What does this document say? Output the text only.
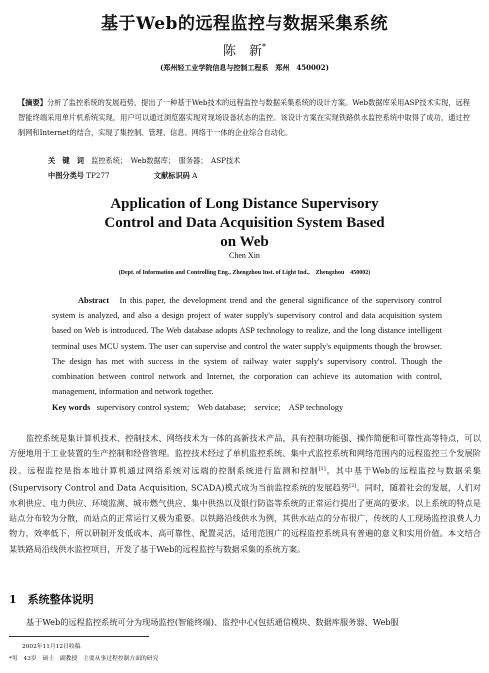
基于Web的远程监控与数据采集系统
陈　新*
(郑州轻工业学院信息与控制工程系　郑州　450002)
【摘要】分析了监控系统的发展趋势，提出了一种基于Web技术的远程监控与数据采集系统的设计方案。Web数据库采用ASP技术实现，远程智能终端采用单片机系统实现，用户可以通过浏览器实现对现场设备状态的监控。该设计方案在实现铁路供水监控系统中取得了成功，通过控制网和Internet的结合，实现了集控制、管理、信息、网络于一体的企业综合自动化。
关　键　词　 监控系统；　Web数据库；　服务器；　ASP技术
中图分类号 TP277	文献标识码 A
Application of Long Distance Supervisory Control and Data Acquisition System Based on Web
Chen Xin
(Dept. of Information and Controlling Eng., Zhengzhou Inst. of Light Ind.,　Zhengzhou　450002)
Abstract In this paper, the development trend and the general significance of the supervisory control system is analyzed, and also a design project of water supply's supervisory control and data acquisition system based on Web is introduced. The Web database adopts ASP technology to realize, and the long distance intelligent terminal uses MCU system. The user can supervise and control the water supply's equipments though the browser. The design has met with success in the system of railway water supply's supervisory control. Though the combination between control network and Internet, the corporation can achieve its automation with control, management, information and network together.
Key words supervisory control system;　Web database;　service;　ASP technology
监控系统是集计算机技术、控制技术、网络技术为一体的高新技术产品，具有控制功能强、操作简便和可靠性高等特点，可以方便地用于工业装置的生产控制和经营管理。监控技术经过了单机监控系统、集中式监控系统和网络范围内的远程监控三个发展阶段。远程监控是指本地计算机通过网络系统对远端的控制系统进行监测和控制[1]。其中基于Web的远程监控与数据采集(Supervisory Control and Data Acquisition, SCADA)模式成为当前监控系统的发展趋势[2]。同时，随着社会的发展，人们对水利供应、电力供应、环境监测、城市燃气供应、集中供热以及银行防盗等系统的正常运行提出了更高的要求。以上系统的特点是站点分布较为分散，而站点的正常运行又极为重要。以铁路沿线供水为例，其供水站点的分布很广，传统的人工现场监控浪费人力物力，效率低下，所以研制开发低成本、高可靠性、配置灵活，适用范围广的远程监控系统具有普遍的意义和实用价值。本文结合某铁路局沿线供水监控项目，开发了基于Web的远程监控与数据采集的系统方案。
1　系统整体说明
基于Web的远程监控系统可分为现场监控(智能终端)、监控中心(包括通信模块、数据库服务器、Web服
2002年11月12日收稿
*男　43岁　硕士　副教授　主要从事过程控制方面的研究
